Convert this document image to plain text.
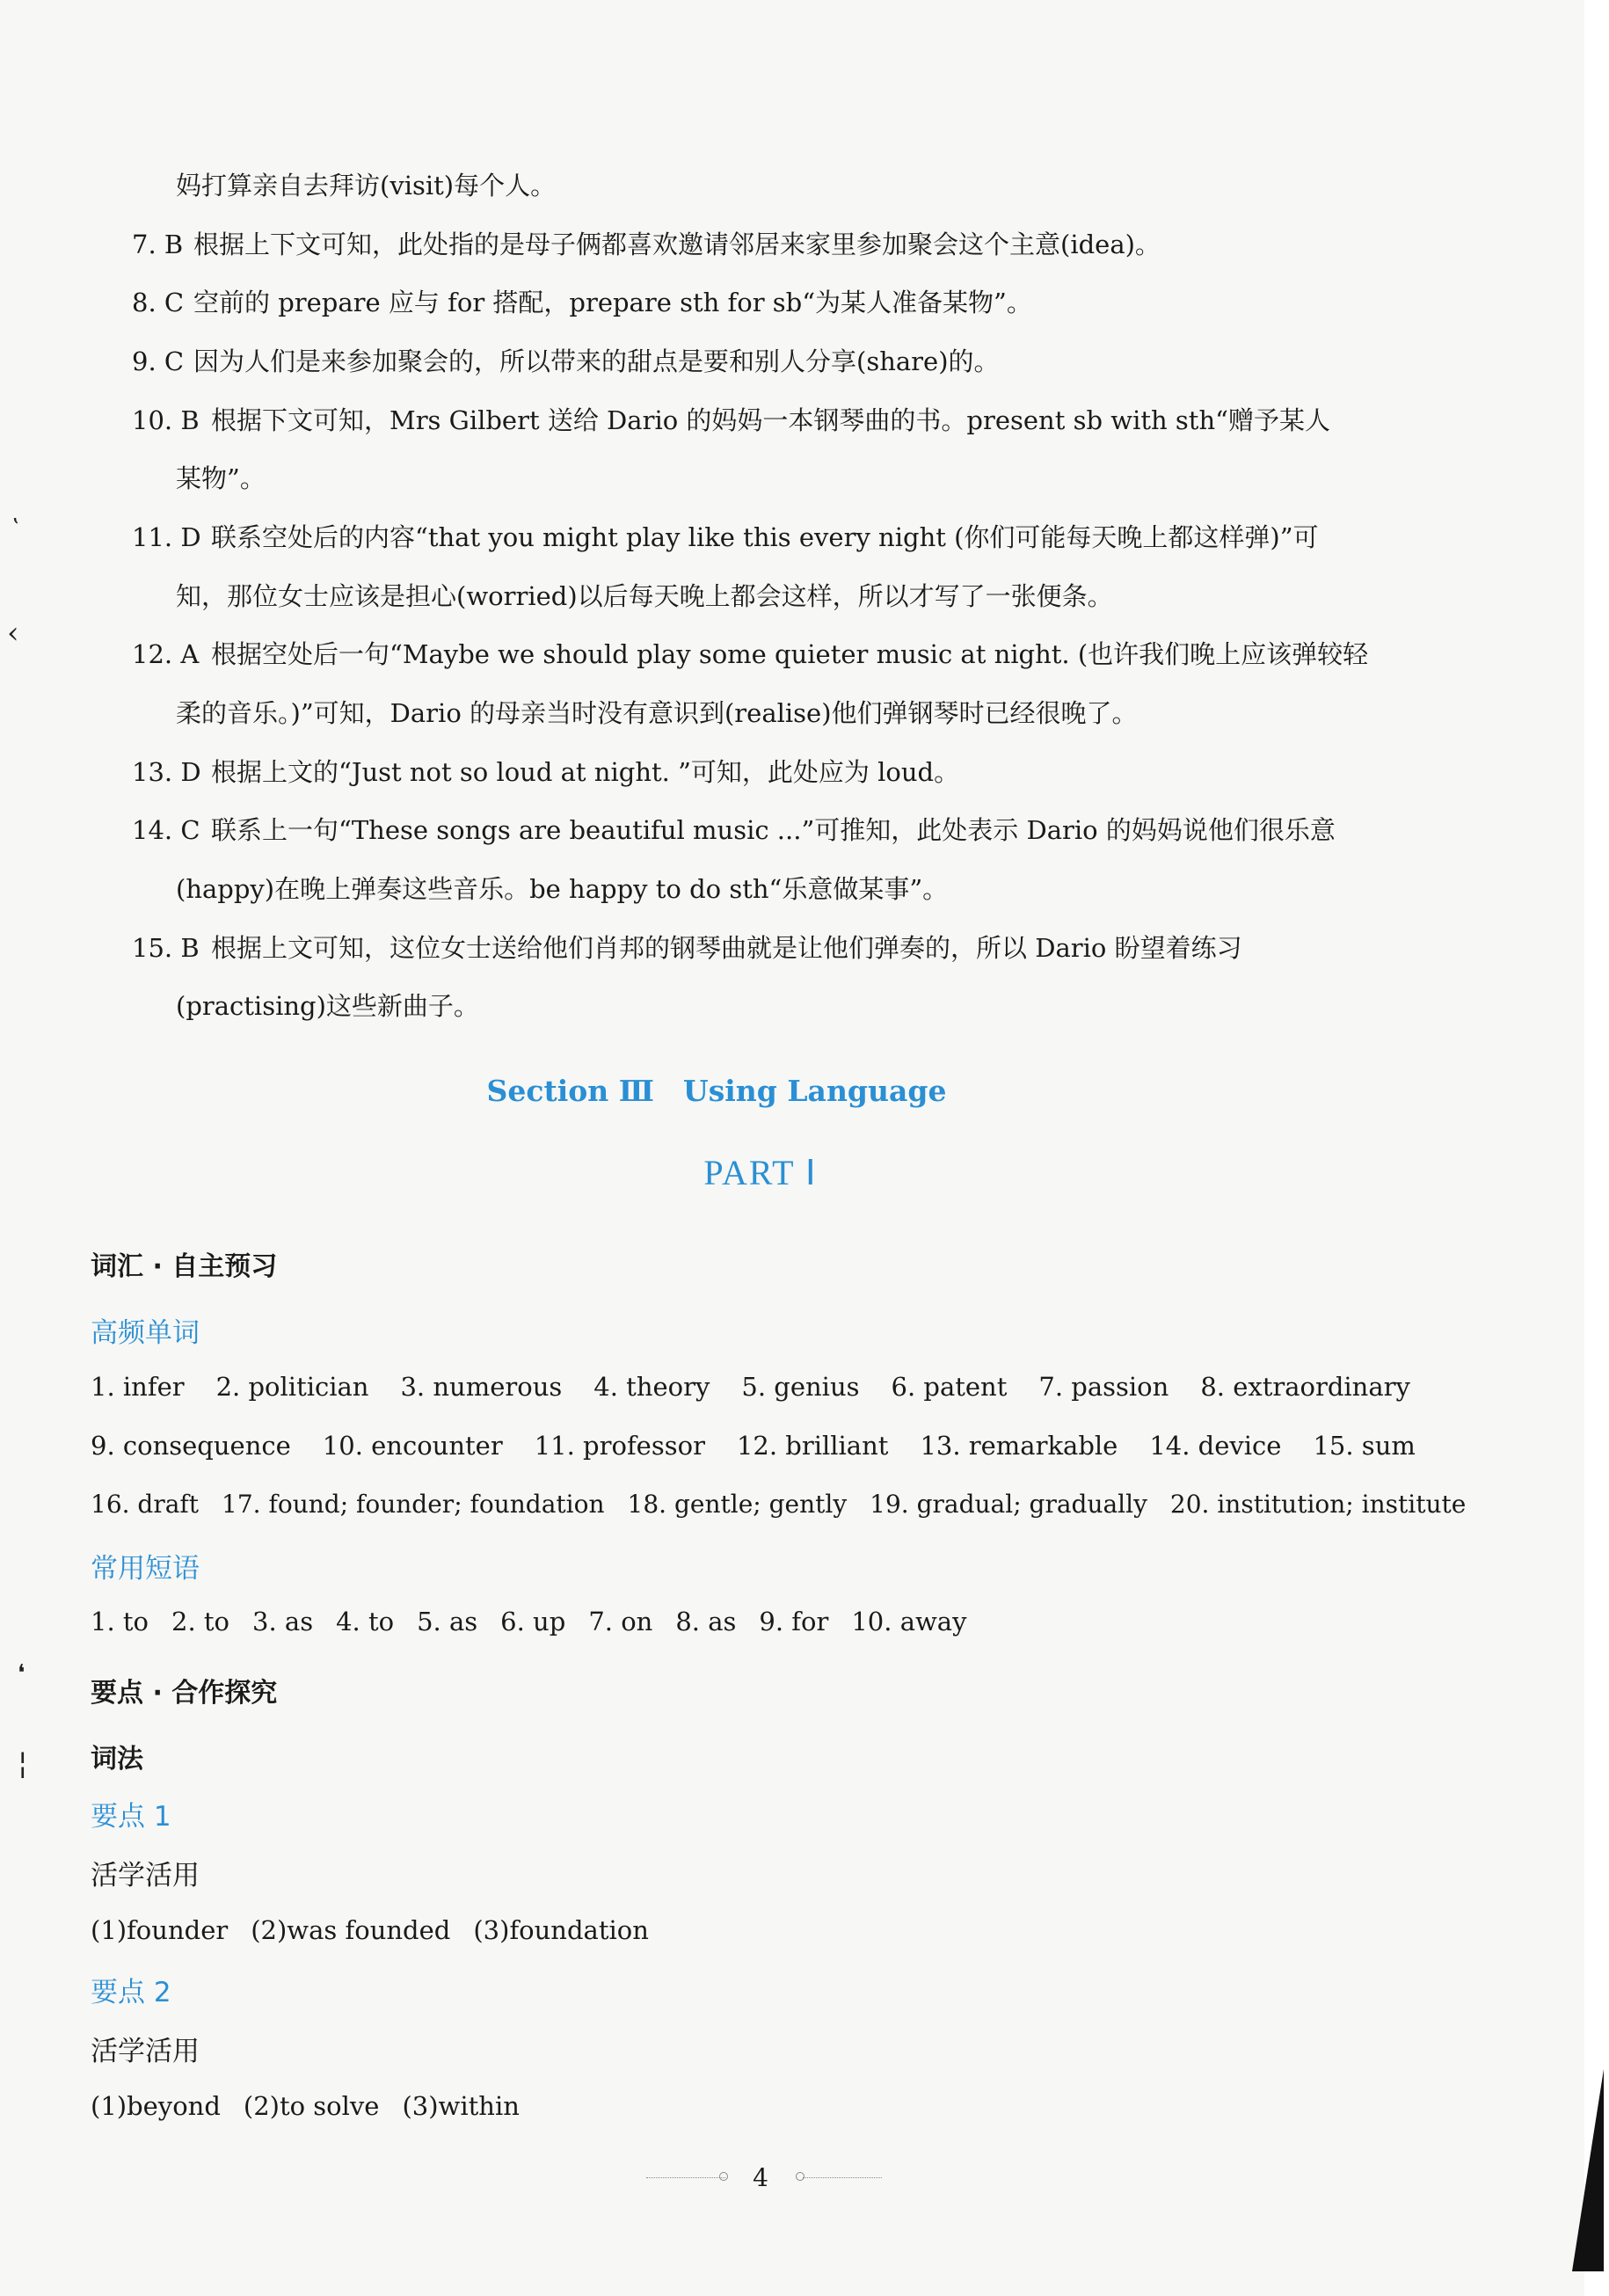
妈打算亲自去拜访(visit)每个人。
7. B 根据上下文可知，此处指的是母子俩都喜欢邀请邻居来家里参加聚会这个主意(idea)。
8. C 空前的 prepare 应与 for 搭配，prepare sth for sb“为某人准备某物”。
9. C 因为人们是来参加聚会的，所以带来的甜点是要和别人分享(share)的。
10. B 根据下文可知，Mrs Gilbert 送给 Dario 的妈妈一本钢琴曲的书。present sb with sth“赠予某人
某物”。
11. D 联系空处后的内容“that you might play like this every night (你们可能每天晚上都这样弹)”可
知，那位女士应该是担心(worried)以后每天晚上都会这样，所以才写了一张便条。
12. A 根据空处后一句“Maybe we should play some quieter music at night. (也许我们晚上应该弹较轻
柔的音乐。)”可知，Dario 的母亲当时没有意识到(realise)他们弹钢琴时已经很晚了。
13. D 根据上文的“Just not so loud at night. ”可知，此处应为 loud。
14. C 联系上一句“These songs are beautiful music ...”可推知，此处表示 Dario 的妈妈说他们很乐意
(happy)在晚上弹奏这些音乐。be happy to do sth“乐意做某事”。
15. B 根据上文可知，这位女士送给他们肖邦的钢琴曲就是让他们弹奏的，所以 Dario 盼望着练习
(practising)这些新曲子。
Section Ⅲ　Using Language
PART Ⅰ
词汇 · 自主预习
高频单词
1. infer 2. politician 3. numerous 4. theory 5. genius 6. patent 7. passion 8. extraordinary
9. consequence 10. encounter 11. professor 12. brilliant 13. remarkable 14. device 15. sum
16. draft 17. found; founder; foundation 18. gentle; gently 19. gradual; gradually 20. institution; institute
常用短语
1. to 2. to 3. as 4. to 5. as 6. up 7. on 8. as 9. for 10. away
要点 · 合作探究
词法
要点 1
活学活用
(1)founder (2)was founded (3)foundation
要点 2
活学活用
(1)beyond (2)to solve (3)within
4
‛
‹
❛
¦
